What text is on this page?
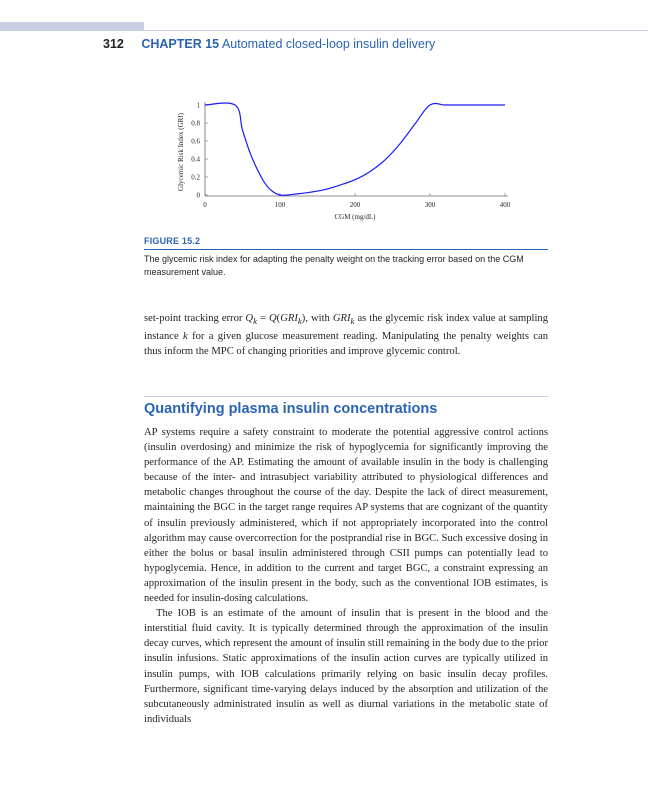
312 CHAPTER 15 Automated closed-loop insulin delivery
0
0.2
0.4
0.6
0.8
1
0	100	200	300	400
Glycemic Risk Index (GRI)
CGM (mg/dL)
FIGURE 15.2
The glycemic risk index for adapting the penalty weight on the tracking error based on the CGM measurement value.

set-point tracking error $Q_k = Q(GRI_k)$, with $GRI_k$ as the glycemic risk index value at sampling instance k for a given glucose measurement reading. Manipulating the penalty weights can thus inform the MPC of changing priorities and improve glycemic control.

Quantifying plasma insulin concentrations

AP systems require a safety constraint to moderate the potential aggressive control actions (insulin overdosing) and minimize the risk of hypoglycemia for significantly improving the performance of the AP. Estimating the amount of available insulin in the body is challenging because of the inter- and intrasubject variability attributed to physiological differences and metabolic changes throughout the course of the day. Despite the lack of direct measurement, maintaining the BGC in the target range requires AP systems that are cognizant of the quantity of insulin previously administered, which if not appropriately incorporated into the control algorithm may cause overcorrection for the postprandial rise in BGC. Such excessive dosing in either the bolus or basal insulin administered through CSII pumps can potentially lead to hypoglycemia. Hence, in addition to the current and target BGC, a constraint expressing an approximation of the insulin present in the body, such as the conventional IOB estimates, is needed for insulin-dosing calculations.

The IOB is an estimate of the amount of insulin that is present in the blood and the interstitial fluid cavity. It is typically determined through the approximation of the insulin decay curves, which represent the amount of insulin still remaining in the body due to the prior insulin infusions. Static approximations of the insulin action curves are typically utilized in insulin pumps, with IOB calculations primarily relying on basic insulin decay profiles. Furthermore, significant time-varying delays induced by the absorption and utilization of the subcutaneously administrated insulin as well as diurnal variations in the metabolic state of individuals
